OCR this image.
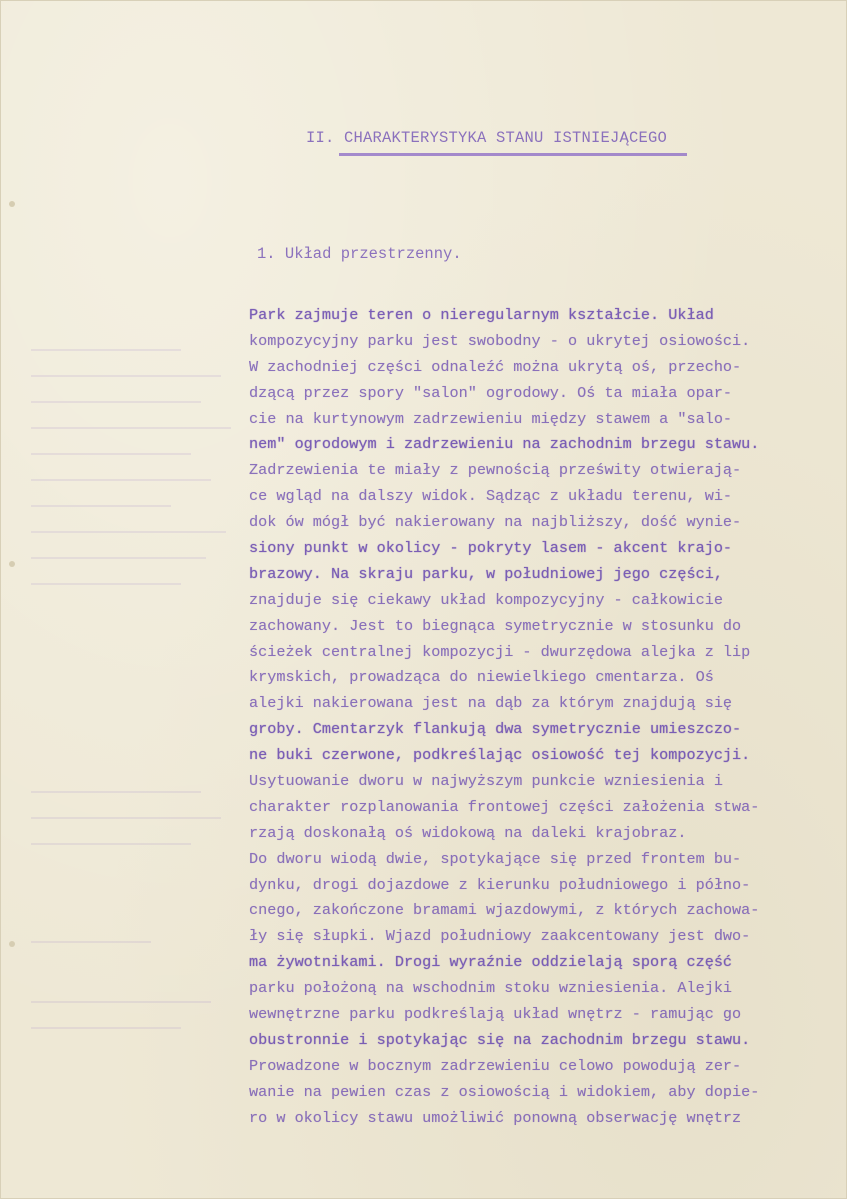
II. CHARAKTERYSTYKA STANU ISTNIEJĄCEGO
1. Układ przestrzenny.
Park zajmuje teren o nieregularnym kształcie. Układ
kompozycyjny parku jest swobodny - o ukrytej osiowości.
W zachodniej części odnaleźć można ukrytą oś, przecho-
dzącą przez spory "salon" ogrodowy. Oś ta miała opar-
cie na kurtynowym zadrzewieniu między stawem a "salo-
nem" ogrodowym i zadrzewieniu na zachodnim brzegu stawu.
Zadrzewienia te miały z pewnością prześwity otwierają-
ce wgląd na dalszy widok. Sądząc z układu terenu, wi-
dok ów mógł być nakierowany na najbliższy, dość wynie-
siony punkt w okolicy - pokryty lasem - akcent krajo-
brazowy. Na skraju parku, w południowej jego części,
znajduje się ciekawy układ kompozycyjny - całkowicie
zachowany. Jest to biegnąca symetrycznie w stosunku do
ścieżek centralnej kompozycji - dwurzędowa alejka z lip
krymskich, prowadząca do niewielkiego cmentarza. Oś
alejki nakierowana jest na dąb za którym znajdują się
groby. Cmentarzyk flankują dwa symetrycznie umieszczo-
ne buki czerwone, podkreślając osiowość tej kompozycji.
Usytuowanie dworu w najwyższym punkcie wzniesienia i
charakter rozplanowania frontowej części założenia stwa-
rzają doskonałą oś widokową na daleki krajobraz.
Do dworu wiodą dwie, spotykające się przed frontem bu-
dynku, drogi dojazdowe z kierunku południowego i półno-
cnego, zakończone bramami wjazdowymi, z których zachowa-
ły się słupki. Wjazd południowy zaakcentowany jest dwo-
ma żywotnikami. Drogi wyraźnie oddzielają sporą część
parku położoną na wschodnim stoku wzniesienia. Alejki
wewnętrzne parku podkreślają układ wnętrz - ramując go
obustronnie i spotykając się na zachodnim brzegu stawu.
Prowadzone w bocznym zadrzewieniu celowo powodują zer-
wanie na pewien czas z osiowością i widokiem, aby dopie-
ro w okolicy stawu umożliwić ponowną obserwację wnętrz
